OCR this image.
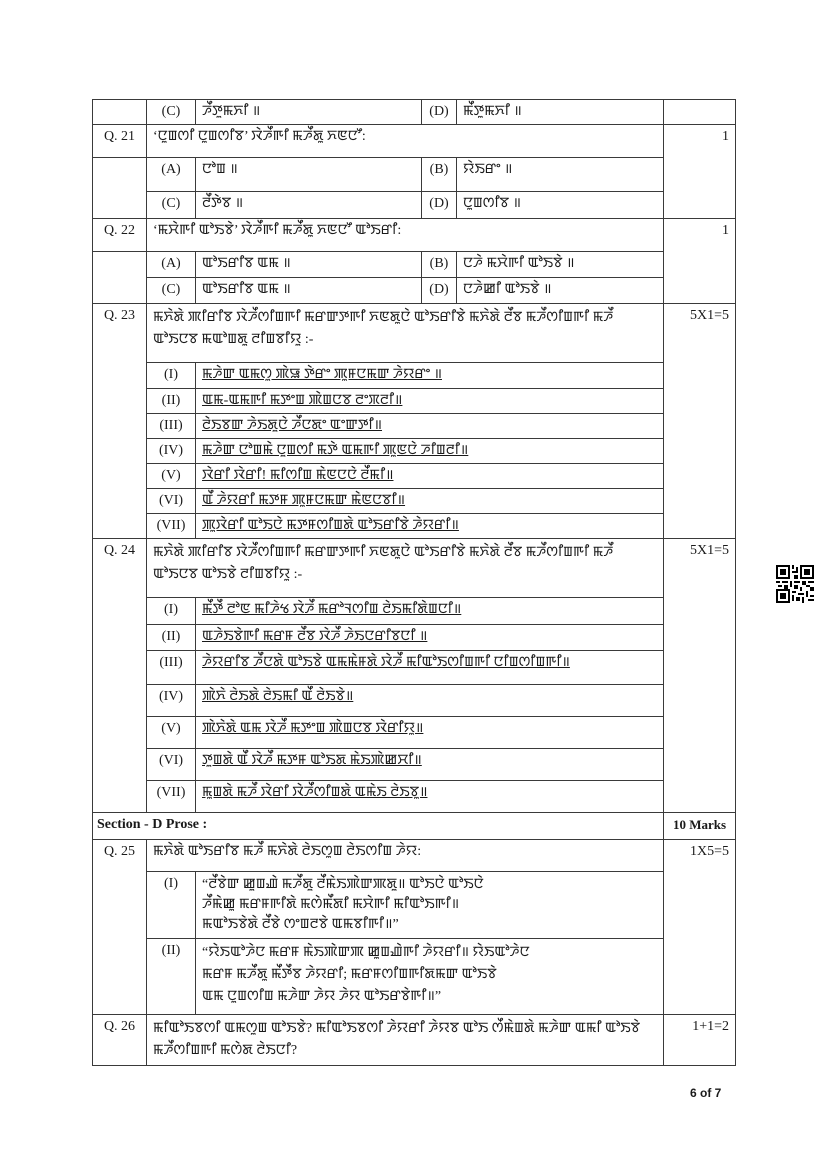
	(C)	ꯍꯩꯇꯨꯃꯈꯤ ॥	(D)	ꯃꯩꯇꯨꯃꯈꯤ ॥	
Q. 21	‘ꯅꯨꯡꯁꯤ ꯅꯨꯡꯁꯤꯕ’ ꯋꯥꯍꯩꯒꯤ ꯃꯍꯩꯗꯨ ꯈꯟꯅꯧ:				1
	(A)	ꯅꯣꯡ ॥	(B)	ꯌꯥꯏꯔꯦ ॥	
	(C)	ꯂꯩꯇꯥꯕ ॥	(D)	ꯅꯨꯡꯁꯤꯕ ॥	
Q. 22	‘ꯃꯆꯥꯒꯤ ꯑꯣꯏꯕꯥ’ ꯋꯥꯍꯩꯒꯤ ꯃꯍꯩꯗꯨ ꯈꯟꯅꯧ ꯑꯣꯏꯔꯤ:				1
	(A)	ꯑꯣꯏꯔꯤꯕ ꯑꯃ ॥	(B)	ꯅꯍꯥ ꯃꯆꯥꯒꯤ ꯑꯣꯏꯕꯥ ॥	
	(C)	ꯑꯣꯏꯔꯤꯕ ꯑꯃ ॥	(D)	ꯅꯍꯥꯀꯤ ꯑꯣꯏꯕꯥ ॥	
Q. 23	ꯃꯈꯥꯗꯥ ꯄꯤꯔꯤꯕ ꯋꯥꯍꯩꯁꯤꯡꯒꯤ ꯃꯔꯛꯇꯒꯤ ꯈꯟꯗꯨꯅꯥ ꯑꯣꯏꯔꯤꯕꯥ ꯃꯈꯥꯗꯥ ꯂꯩꯕ ꯃꯍꯩꯁꯤꯡꯒꯤ ꯃꯍꯩ ꯑꯣꯏꯅꯕ ꯃꯑꯣꯡꯗꯨ ꯂꯤꯡꯕꯤꯌꯨ :-				5X1=5
	(I)	ꯃꯍꯥꯛ ꯑꯃꯁꯨ ꯄꯥꯎ ꯇꯥꯔꯦ ꯄꯨꯝꯅꯃꯛ ꯍꯥꯌꯔꯦ ॥			
	(II)	ꯑꯃ-ꯑꯃꯒꯤ ꯃꯇꯦꯡ ꯄꯥꯡꯅꯕ ꯂꯦꯞꯂꯤ॥			
	(III)	ꯂꯥꯏꯕꯛ ꯍꯥꯏꯗꯨꯅꯥ ꯍꯩꯅꯗꯦ ꯑꯦꯛꯇꯤ॥			
	(IV)	ꯃꯍꯥꯛ ꯅꯣꯡꯃꯥ ꯅꯨꯡꯁꯤ ꯃꯇꯥ ꯑꯃꯒꯤ ꯄꯨꯟꯅꯥ ꯍꯤꯡꯂꯤ॥			
	(V)	ꯋꯥꯔꯤ ꯋꯥꯔꯤ! ꯃꯤꯁꯤꯡ ꯃꯥꯟꯅꯅꯥ ꯂꯩꯃꯤ॥			
	(VI)	ꯑꯩ ꯍꯥꯌꯔꯤ ꯃꯇꯝ ꯄꯨꯝꯅꯃꯛ ꯃꯥꯟꯅꯕꯤ॥			
	(VII)	ꯄꯨꯋꯥꯔꯤ ꯑꯣꯏꯅꯥ ꯃꯇꯝꯁꯤꯡꯗꯥ ꯑꯣꯏꯔꯤꯕꯥ ꯍꯥꯌꯔꯤ॥			
Q. 24	ꯃꯈꯥꯗꯥ ꯄꯤꯔꯤꯕ ꯋꯥꯍꯩꯁꯤꯡꯒꯤ ꯃꯔꯛꯇꯒꯤ ꯈꯟꯗꯨꯅꯥ ꯑꯣꯏꯔꯤꯕꯥ ꯃꯈꯥꯗꯥ ꯂꯩꯕ ꯃꯍꯩꯁꯤꯡꯒꯤ ꯃꯍꯩ ꯑꯣꯏꯅꯕ ꯑꯣꯏꯕꯥ ꯂꯤꯡꯕꯤꯌꯨ :-				5X1=5
	(I)	ꯃꯩꯇꯩ ꯂꯣꯟ ꯃꯤꯍꯥꯠ ꯋꯥꯍꯩ ꯃꯔꯣꯜꯁꯤꯡ ꯂꯥꯏꯃꯤꯗꯥꯡꯅꯤ॥			
	(II)	ꯑꯍꯥꯏꯕꯥꯒꯤ ꯃꯔꯝ ꯂꯩꯕ ꯋꯥꯍꯩ ꯍꯥꯏꯅꯔꯤꯕꯅꯤ ॥			
	(III)	ꯍꯥꯌꯔꯤꯕ ꯍꯩꯅꯗꯥ ꯑꯣꯏꯕꯥ ꯑꯃꯃꯥꯝꯗꯥ ꯋꯥꯍꯩ ꯃꯤꯑꯣꯏꯁꯤꯡꯒꯤ ꯅꯤꯡꯁꯤꯡꯒꯤ॥			
	(IV)	ꯄꯥꯈꯥ ꯂꯥꯏꯗꯥ ꯂꯥꯏꯃꯤ ꯑꯩ ꯂꯥꯏꯕꯥ॥			
	(V)	ꯄꯥꯈꯥꯗꯥ ꯑꯃ ꯋꯥꯍꯩ ꯃꯇꯦꯡ ꯄꯥꯡꯅꯕ ꯋꯥꯔꯤꯌꯨ॥			
	(VI)	ꯇꯨꯡꯗꯥ ꯑꯩ ꯋꯥꯍꯩ ꯃꯇꯝ ꯑꯣꯏꯗ ꯃꯥꯏꯄꯥꯀꯆꯤ॥			
	(VII)	ꯃꯨꯡꯗꯥ ꯃꯍꯩ ꯋꯥꯔꯤ ꯋꯥꯍꯩꯁꯤꯡꯗꯥ ꯑꯃꯥꯏ ꯂꯥꯏꯕꯨ॥			
Section - D Prose :					10 Marks
Q. 25	ꯃꯈꯥꯗꯥ ꯑꯣꯏꯔꯤꯕ ꯃꯍꯩ ꯃꯈꯥꯗꯥ ꯂꯥꯏꯁꯨꯡ ꯂꯥꯏꯁꯤꯡ ꯍꯥꯌ:				1X5=5
	(I)	“ꯂꯩꯕꯥꯛ ꯀꯨꯡꯉꯥ ꯃꯍꯩꯗꯨ ꯂꯩꯃꯥꯏꯄꯥꯛꯄꯗꯨ॥ ꯑꯣꯏꯅꯥ ꯑꯣꯏꯅꯥ
ꯍꯩꯃꯥꯀꯨ ꯃꯔꯝꯒꯤꯗꯥ ꯃꯁꯥꯃꯩꯗꯤ ꯃꯆꯥꯒꯤ ꯃꯤꯑꯣꯏꯒꯤ॥
ꯃꯑꯣꯏꯕꯥꯗꯥ ꯂꯩꯕꯥ ꯁꯦꯡꯂꯕꯥ ꯑꯃꯕꯤꯒꯤ॥”			
	(II)	“ꯌꯥꯏꯑꯣꯍꯥꯅ ꯃꯔꯝ ꯃꯥꯏꯄꯥꯛꯄ ꯀꯨꯡꯉꯥꯒꯤ ꯍꯥꯌꯔꯤ॥ ꯌꯥꯏꯑꯣꯍꯥꯅ
ꯃꯔꯝ ꯃꯍꯩꯗꯨ ꯃꯩꯇꯩꯕ ꯍꯥꯌꯔꯤ; ꯃꯔꯝꯁꯤꯡꯒꯤꯗꯃꯛ ꯑꯣꯏꯕꯥ
ꯑꯃ ꯅꯨꯡꯁꯤꯡ ꯃꯍꯥꯛ ꯍꯥꯌ ꯍꯥꯌ ꯑꯣꯏꯔꯕꯥꯒꯤ॥”			
Q. 26	ꯃꯤꯑꯣꯏꯕꯁꯤ ꯑꯃꯁꯨꯡ ꯑꯣꯏꯕꯥ? ꯃꯤꯑꯣꯏꯕꯁꯤ ꯍꯥꯌꯔꯤ ꯍꯥꯌꯕ ꯑꯣꯏ ꯁꯩꯃꯥꯡꯗꯥ ꯃꯍꯥꯛ ꯑꯃꯤ ꯑꯣꯏꯕꯥ ꯃꯍꯩꯁꯤꯡꯒꯤ ꯃꯁꯥꯗ ꯂꯥꯏꯅꯤ?				1+1=2
6 of 7
